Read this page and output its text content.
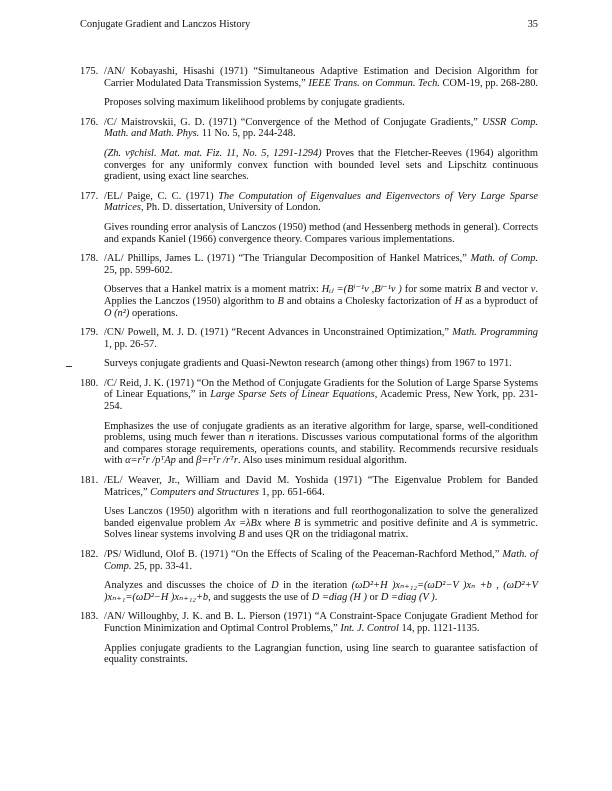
Conjugate Gradient and Lanczos History	35
175. /AN/ Kobayashi, Hisashi (1971) “Simultaneous Adaptive Estimation and Decision Algorithm for Carrier Modulated Data Transmission Systems,” IEEE Trans. on Commun. Tech. COM-19, pp. 268-280.
Proposes solving maximum likelihood problems by conjugate gradients.
176. /C/ Maistrovskii, G. D. (1971) “Convergence of the Method of Conjugate Gradients,” USSR Comp. Math. and Math. Phys. 11 No. 5, pp. 244-248.
(Zh. vȳchisl. Mat. mat. Fiz. 11, No. 5, 1291-1294) Proves that the Fletcher-Reeves (1964) algorithm converges for any uniformly convex function with bounded level sets and Lipschitz continuous gradient, using exact line searches.
177. /EL/ Paige, C. C. (1971) The Computation of Eigenvalues and Eigenvectors of Very Large Sparse Matrices, Ph. D. dissertation, University of London.
Gives rounding error analysis of Lanczos (1950) method (and Hessenberg methods in general). Corrects and expands Kaniel (1966) convergence theory. Compares various implementations.
178. /AL/ Phillips, James L. (1971) “The Triangular Decomposition of Hankel Matrices,” Math. of Comp. 25, pp. 599-602.
Observes that a Hankel matrix is a moment matrix: Hᵢⱼ =(Bⁱ⁻¹v ,Bʲ⁻¹v ) for some matrix B and vector v. Applies the Lanczos (1950) algorithm to B and obtains a Cholesky factorization of H as a byproduct of O (n²) operations.
179. /CN/ Powell, M. J. D. (1971) “Recent Advances in Unconstrained Optimization,” Math. Programming 1, pp. 26-57.
Surveys conjugate gradients and Quasi-Newton research (among other things) from 1967 to 1971.
180. /C/ Reid, J. K. (1971) “On the Method of Conjugate Gradients for the Solution of Large Sparse Systems of Linear Equations,” in Large Sparse Sets of Linear Equations, Academic Press, New York, pp. 231-254.
Emphasizes the use of conjugate gradients as an iterative algorithm for large, sparse, well-conditioned problems, using much fewer than n iterations. Discusses various computational forms of the algorithm and compares storage requirements, operations counts, and stability. Recommends recursive residuals with α=rᵀr /pᵀAp and β=rᵀr /rᵀr. Also uses minimum residual algorithm.
181. /EL/ Weaver, Jr., William and David M. Yoshida (1971) “The Eigenvalue Problem for Banded Matrices,” Computers and Structures 1, pp. 651-664.
Uses Lanczos (1950) algorithm with n iterations and full reorthogonalization to solve the generalized banded eigenvalue problem Ax =λBx where B is symmetric and positive definite and A is symmetric. Solves linear systems involving B and uses QR on the tridiagonal matrix.
182. /PS/ Widlund, Olof B. (1971) “On the Effects of Scaling of the Peaceman-Rachford Method,” Math. of Comp. 25, pp. 33-41.
Analyzes and discusses the choice of D in the iteration (ωD²+H )xₙ₊₁₂=(ωD²−V )xₙ +b , (ωD²+V )xₙ₊₁=(ωD²−H )xₙ₊₁₂+b, and suggests the use of D =diag (H ) or D =diag (V ).
183. /AN/ Willoughby, J. K. and B. L. Pierson (1971) “A Constraint-Space Conjugate Gradient Method for Function Minimization and Optimal Control Problems,” Int. J. Control 14, pp. 1121-1135.
Applies conjugate gradients to the Lagrangian function, using line search to guarantee satisfaction of equality constraints.
